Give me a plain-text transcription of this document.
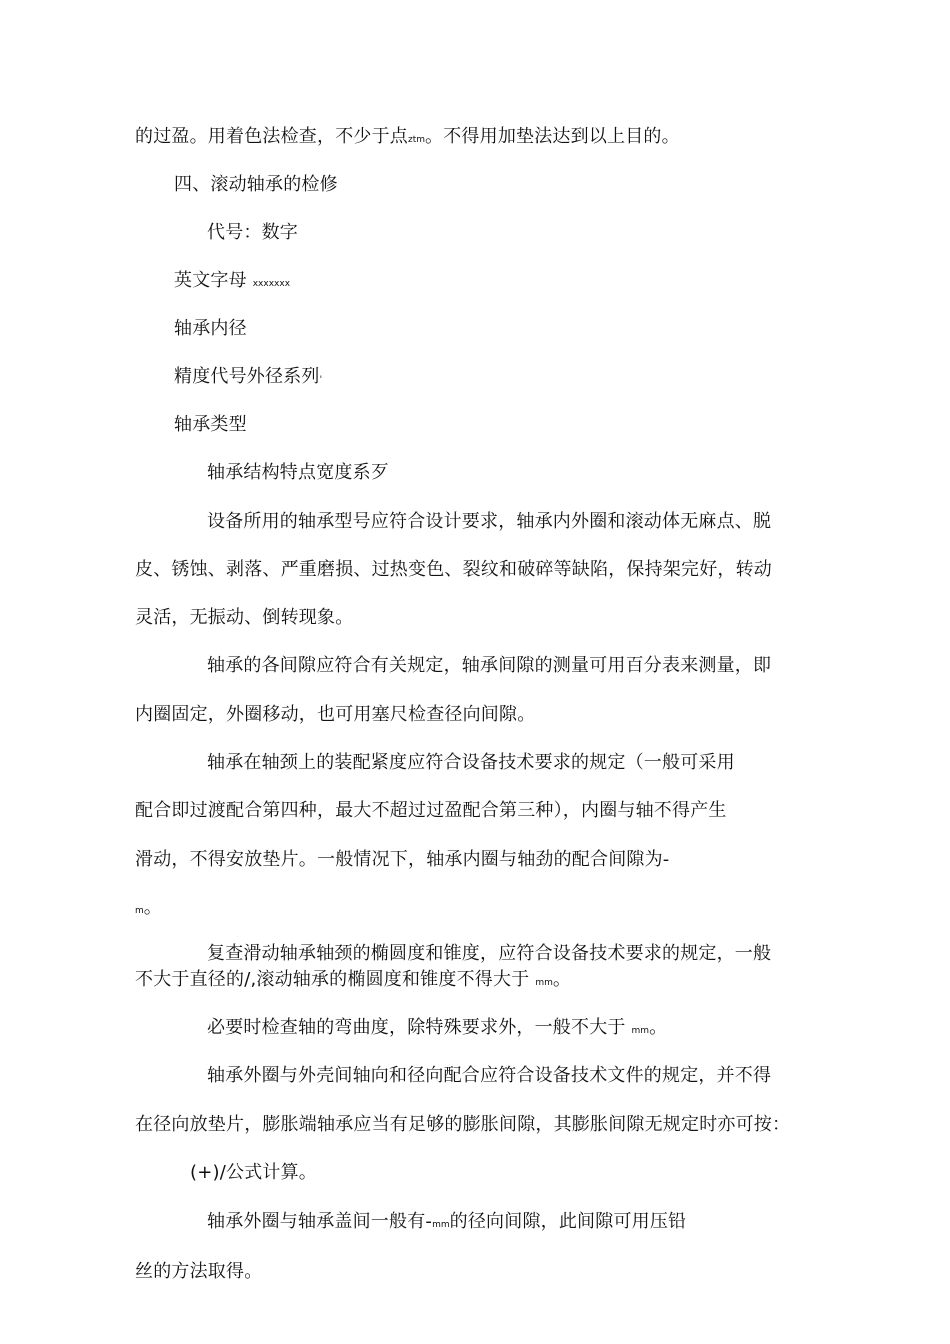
的过盈。用着色法检查，不少于点ztm。不得用加垫法达到以上目的。
四、滚动轴承的检修
代号：数字
英文字母 xxxxxxx
轴承内径
精度代号外径系列'
轴承类型
轴承结构特点宽度系歹
设备所用的轴承型号应符合设计要求，轴承内外圈和滚动体无麻点、脱
皮、锈蚀、剥落、严重磨损、过热变色、裂纹和破碎等缺陷，保持架完好，转动
灵活，无振动、倒转现象。
轴承的各间隙应符合有关规定，轴承间隙的测量可用百分表来测量，即
内圈固定，外圈移动，也可用塞尺检查径向间隙。
轴承在轴颈上的装配紧度应符合设备技术要求的规定（一般可采用
配合即过渡配合第四种，最大不超过过盈配合第三种），内圈与轴不得产生
滑动，不得安放垫片。一般情况下，轴承内圈与轴劲的配合间隙为-
m。
复查滑动轴承轴颈的椭圆度和锥度，应符合设备技术要求的规定，一般
不大于直径的/,滚动轴承的椭圆度和锥度不得大于 mm。
必要时检查轴的弯曲度，除特殊要求外，一般不大于 mm。
轴承外圈与外壳间轴向和径向配合应符合设备技术文件的规定，并不得
在径向放垫片，膨胀端轴承应当有足够的膨胀间隙，其膨胀间隙无规定时亦可按：
(+)/公式计算。
轴承外圈与轴承盖间一般有-mm的径向间隙，此间隙可用压铅
丝的方法取得。
